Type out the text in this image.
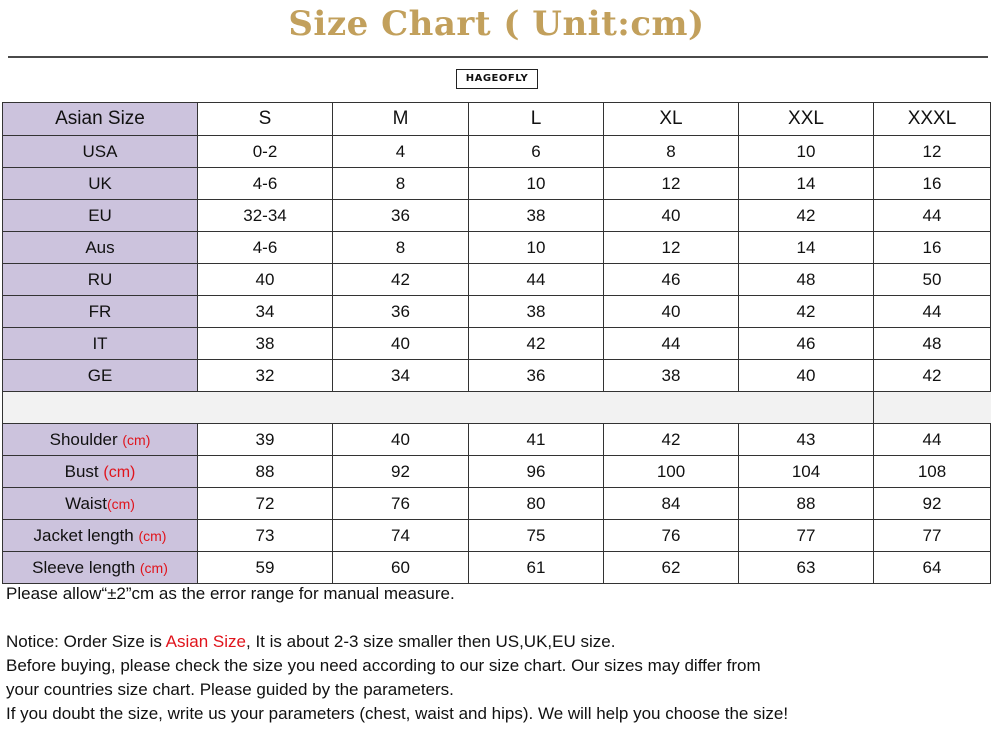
Size Chart ( Unit:cm)
HAGEOFLY
Asian Size	S	M	L	XL	XXL	XXXL
USA	0-2	4	6	8	10	12
UK	4-6	8	10	12	14	16
EU	32-34	36	38	40	42	44
Aus	4-6	8	10	12	14	16
RU	40	42	44	46	48	50
FR	34	36	38	40	42	44
IT	38	40	42	44	46	48
GE	32	34	36	38	40	42

Shoulder (cm)	39	40	41	42	43	44
Bust (cm)	88	92	96	100	104	108
Waist(cm)	72	76	80	84	88	92
Jacket length (cm)	73	74	75	76	77	77
Sleeve length (cm)	59	60	61	62	63	64

Please allow“±2”cm as the error range for manual measure.

Notice: Order Size is Asian Size, It is about 2-3 size smaller then US,UK,EU size.

Before buying, please check the size you need according to our size chart. Our sizes may differ from

your countries size chart. Please guided by the parameters.

If you doubt the size, write us your parameters (chest, waist and hips). We will help you choose the size!
